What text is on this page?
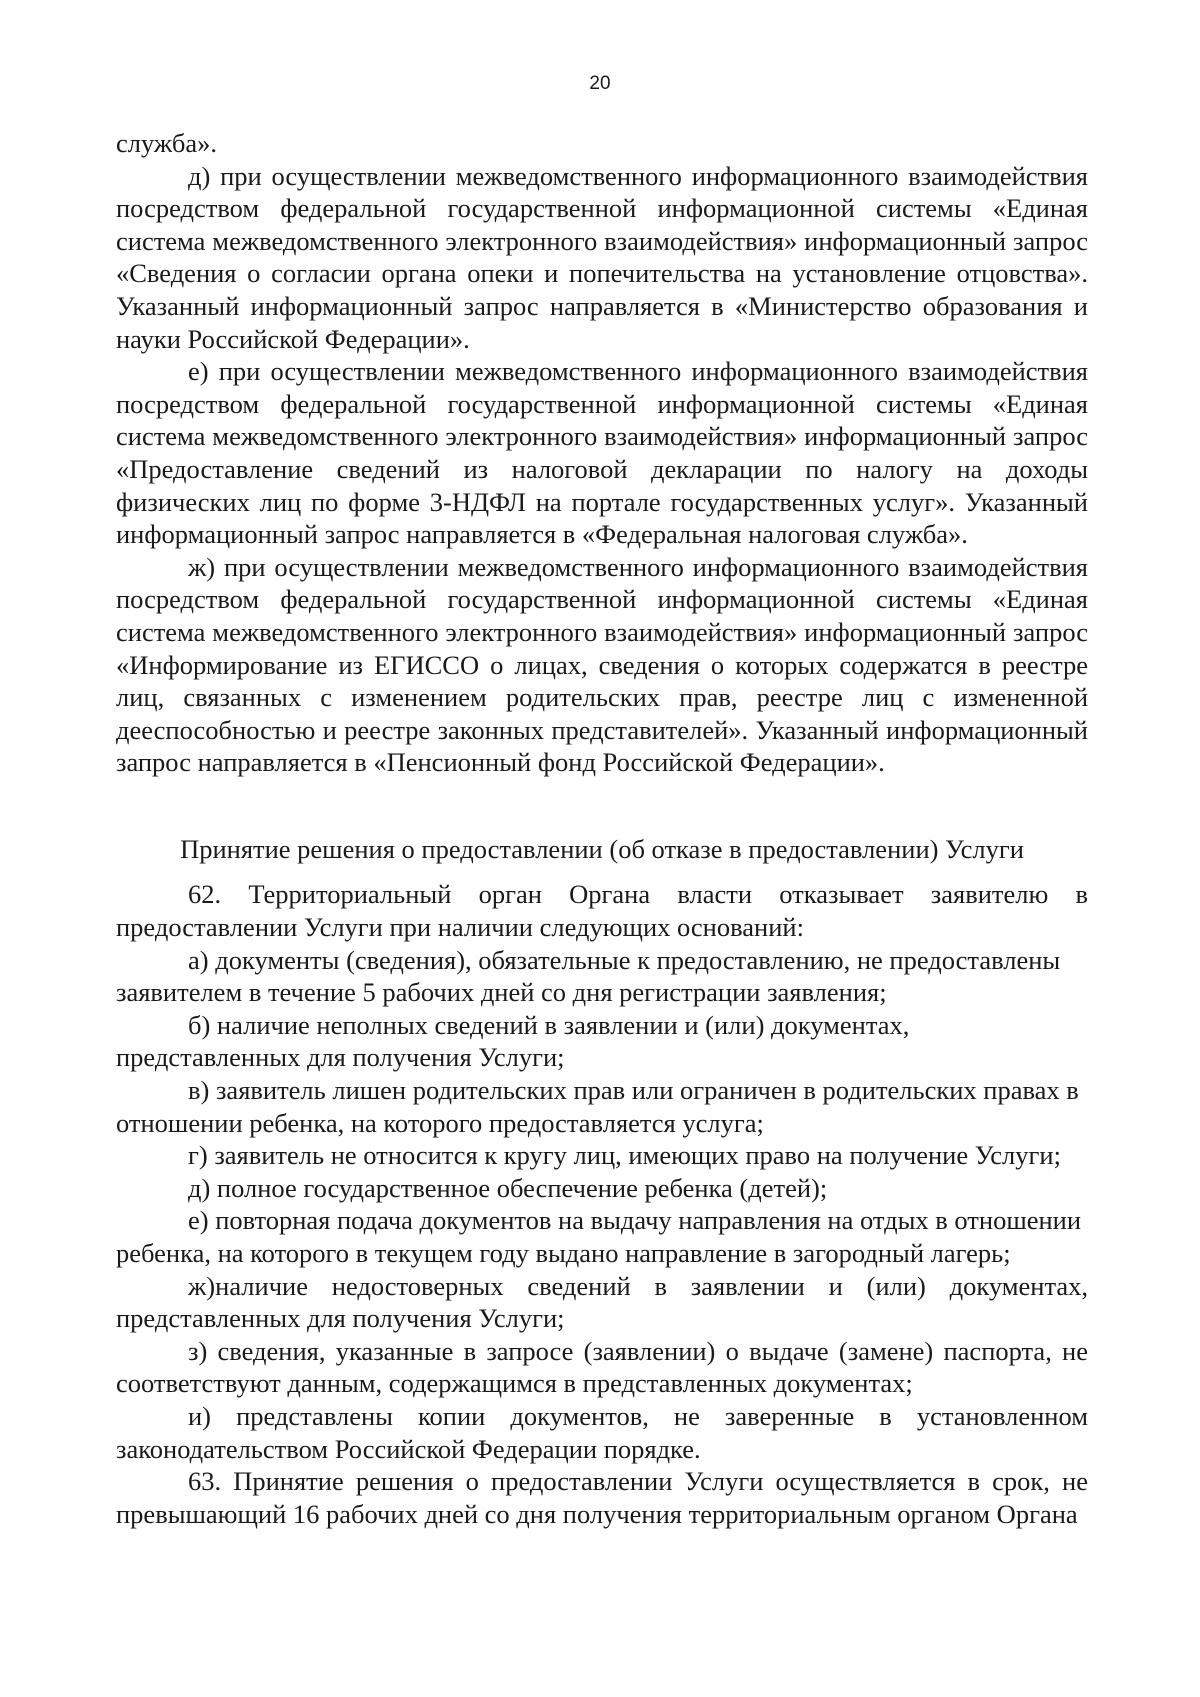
20

служба».

д) при осуществлении межведомственного информационного взаимодействия посредством федеральной государственной информационной системы «Единая система межведомственного электронного взаимодействия» информационный запрос «Сведения о согласии органа опеки и попечительства на установление отцовства». Указанный информационный запрос направляется в «Министерство образования и науки Российской Федерации».

е) при осуществлении межведомственного информационного взаимодействия посредством федеральной государственной информационной системы «Единая система межведомственного электронного взаимодействия» информационный запрос «Предоставление сведений из налоговой декларации по налогу на доходы физических лиц по форме 3-НДФЛ на портале государственных услуг». Указанный информационный запрос направляется в «Федеральная налоговая служба».

ж) при осуществлении межведомственного информационного взаимодействия посредством федеральной государственной информационной системы «Единая система межведомственного электронного взаимодействия» информационный запрос «Информирование из ЕГИССО о лицах, сведения о которых содержатся в реестре лиц, связанных с изменением родительских прав, реестре лиц с измененной дееспособностью и реестре законных представителей». Указанный информационный запрос направляется в «Пенсионный фонд Российской Федерации».

Принятие решения о предоставлении (об отказе в предоставлении) Услуги

62. Территориальный орган Органа власти отказывает заявителю в предоставлении Услуги при наличии следующих оснований:

а) документы (сведения), обязательные к предоставлению, не предоставлены заявителем в течение 5 рабочих дней со дня регистрации заявления;

б) наличие неполных сведений в заявлении и (или) документах, представленных для получения Услуги;

в) заявитель лишен родительских прав или ограничен в родительских правах в отношении ребенка, на которого предоставляется услуга;

г) заявитель не относится к кругу лиц, имеющих право на получение Услуги;

д) полное государственное обеспечение ребенка (детей);

е) повторная подача документов на выдачу направления на отдых в отношении ребенка, на которого в текущем году выдано направление в загородный лагерь;

ж)наличие недостоверных сведений в заявлении и (или) документах, представленных для получения Услуги;

з) сведения, указанные в запросе (заявлении) о выдаче (замене) паспорта, не соответствуют данным, содержащимся в представленных документах;

и) представлены копии документов, не заверенные в установленном законодательством Российской Федерации порядке.

63. Принятие решения о предоставлении Услуги осуществляется в срок, не превышающий 16 рабочих дней со дня получения территориальным органом Органа
